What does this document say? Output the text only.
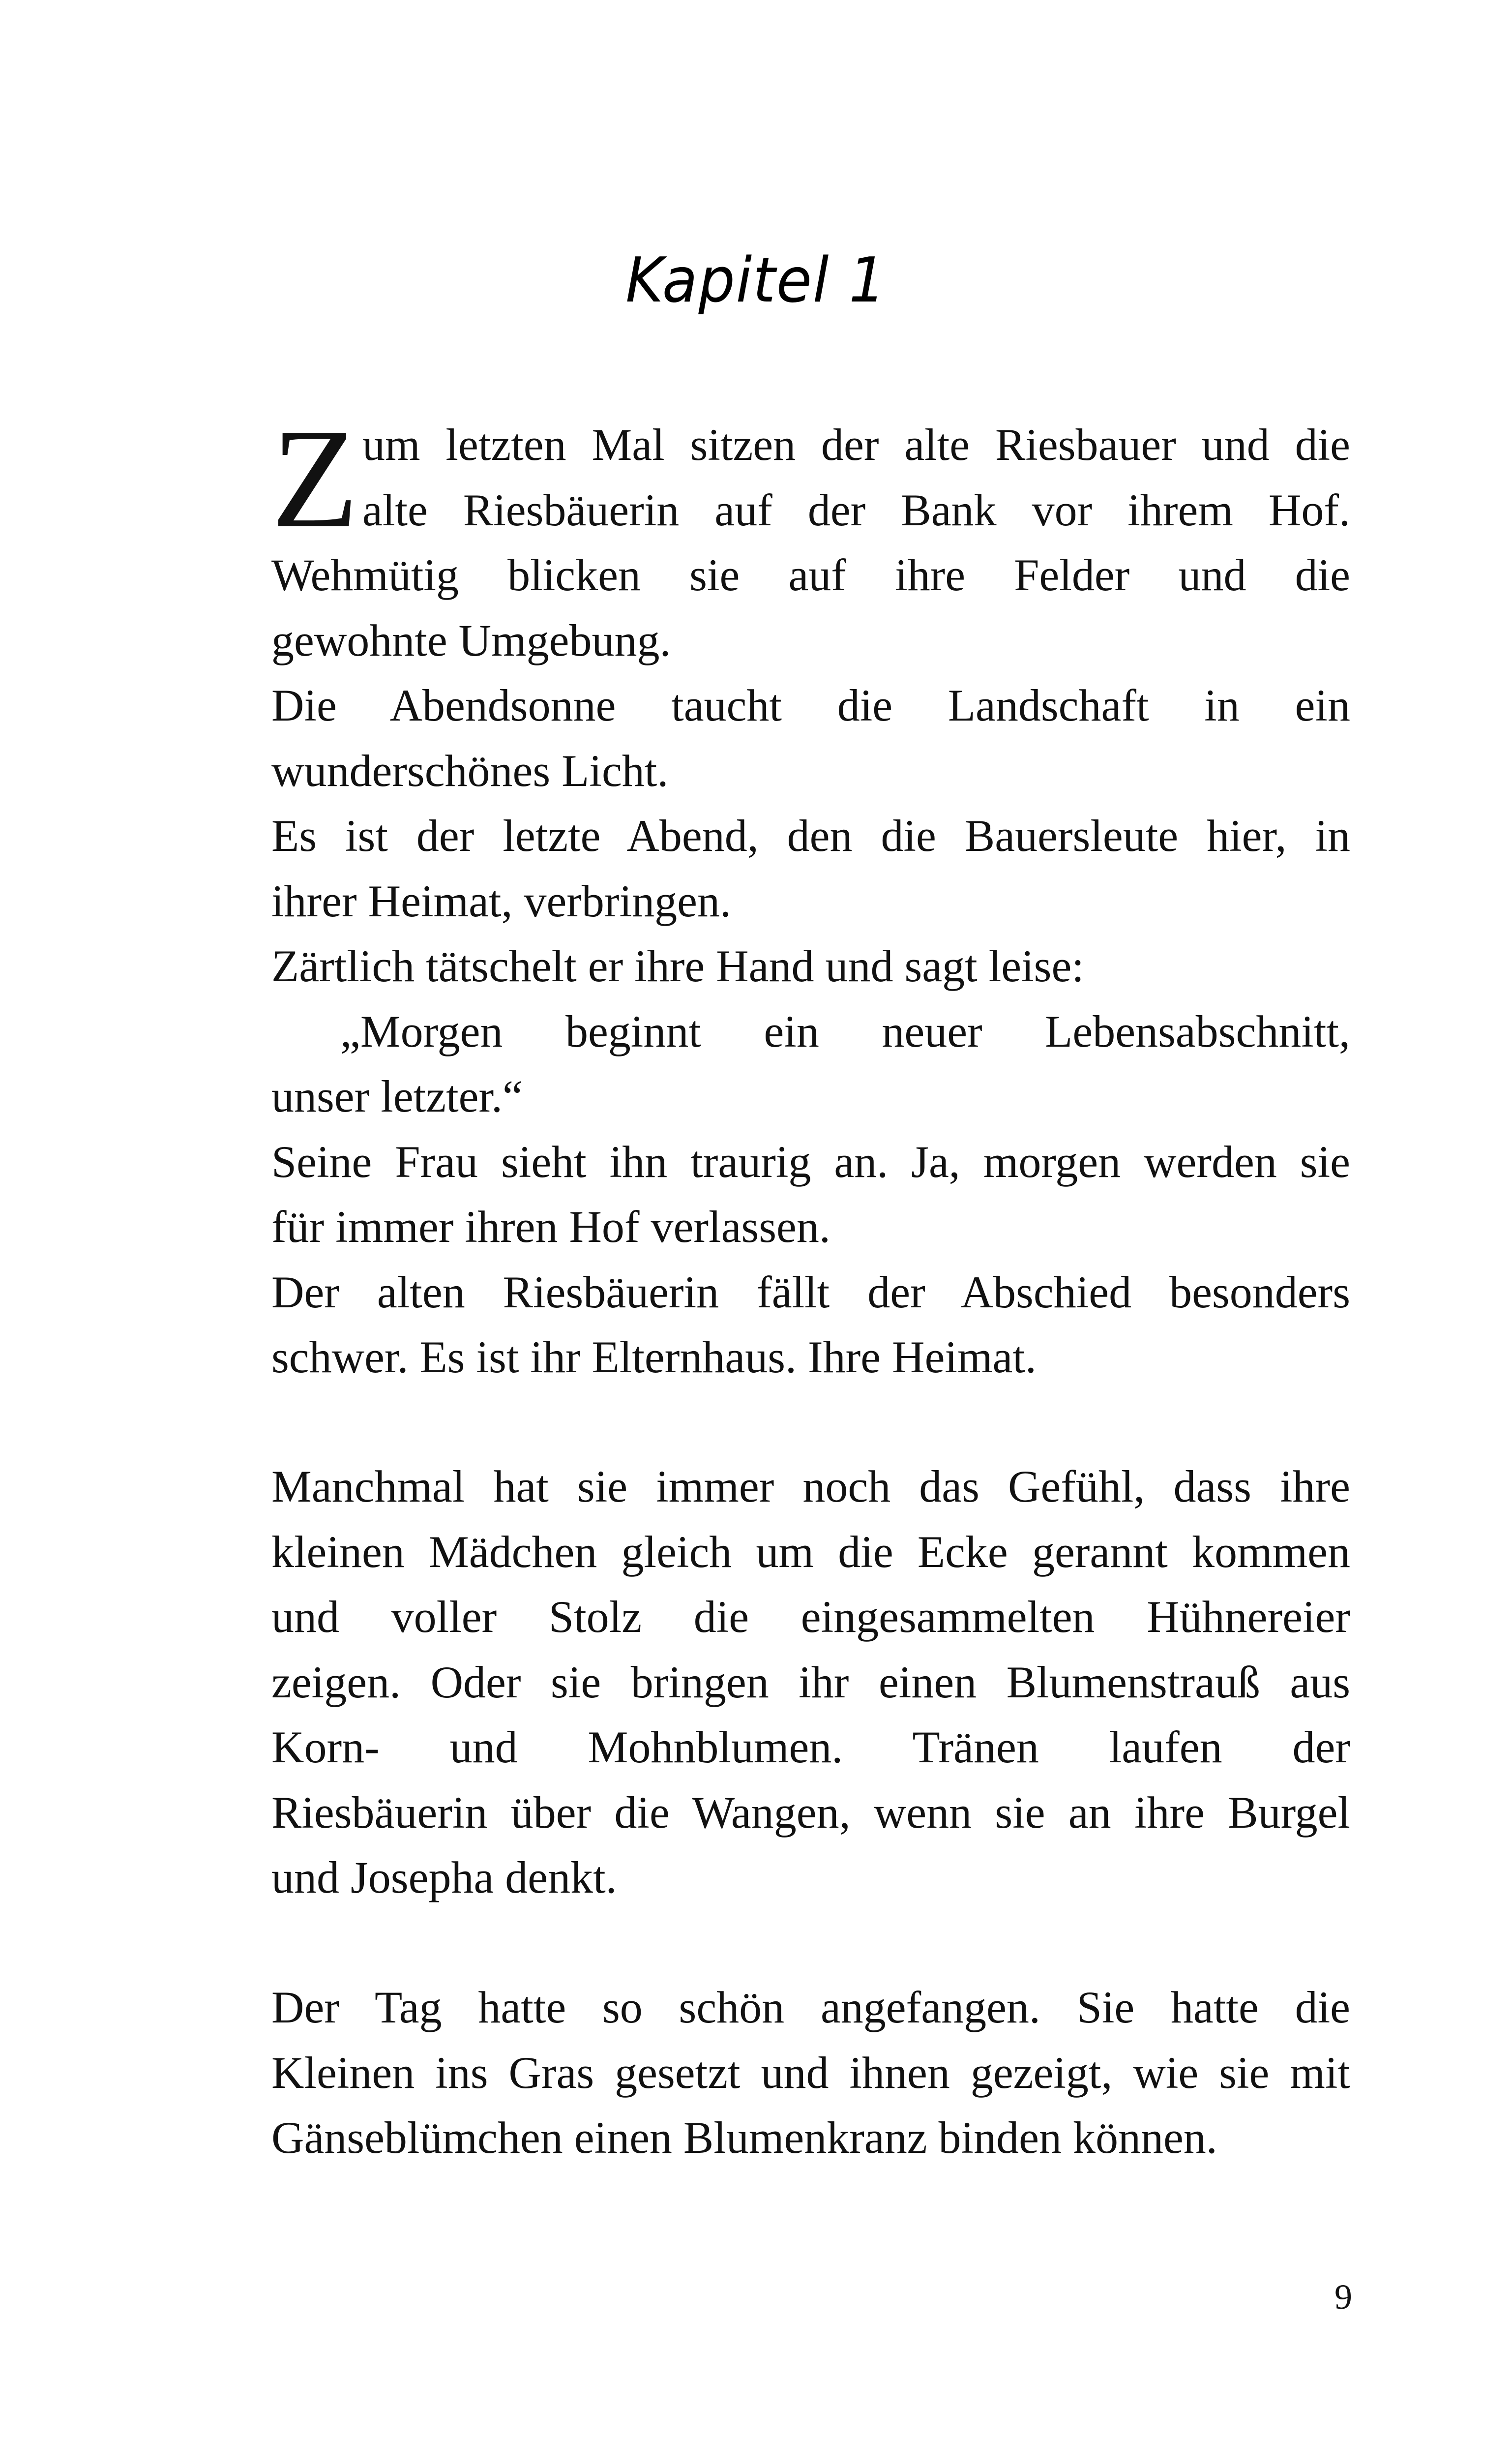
Kapitel 1
Z um letzten Mal sitzen der alte Riesbauer und die
alte Riesbäuerin auf der Bank vor ihrem Hof.
Wehmütig blicken sie auf ihre Felder und die
gewohnte Umgebung.
Die Abendsonne taucht die Landschaft in ein
wunderschönes Licht.
Es ist der letzte Abend, den die Bauersleute hier, in
ihrer Heimat, verbringen.
Zärtlich tätschelt er ihre Hand und sagt leise:
„Morgen beginnt ein neuer Lebensabschnitt,
unser letzter.“
Seine Frau sieht ihn traurig an. Ja, morgen werden sie
für immer ihren Hof verlassen.
Der alten Riesbäuerin fällt der Abschied besonders
schwer. Es ist ihr Elternhaus. Ihre Heimat.
Manchmal hat sie immer noch das Gefühl, dass ihre
kleinen Mädchen gleich um die Ecke gerannt kommen
und voller Stolz die eingesammelten Hühnereier
zeigen. Oder sie bringen ihr einen Blumenstrauß aus
Korn- und Mohnblumen. Tränen laufen der
Riesbäuerin über die Wangen, wenn sie an ihre Burgel
und Josepha denkt.
Der Tag hatte so schön angefangen. Sie hatte die
Kleinen ins Gras gesetzt und ihnen gezeigt, wie sie mit
Gänseblümchen einen Blumenkranz binden können.
9
